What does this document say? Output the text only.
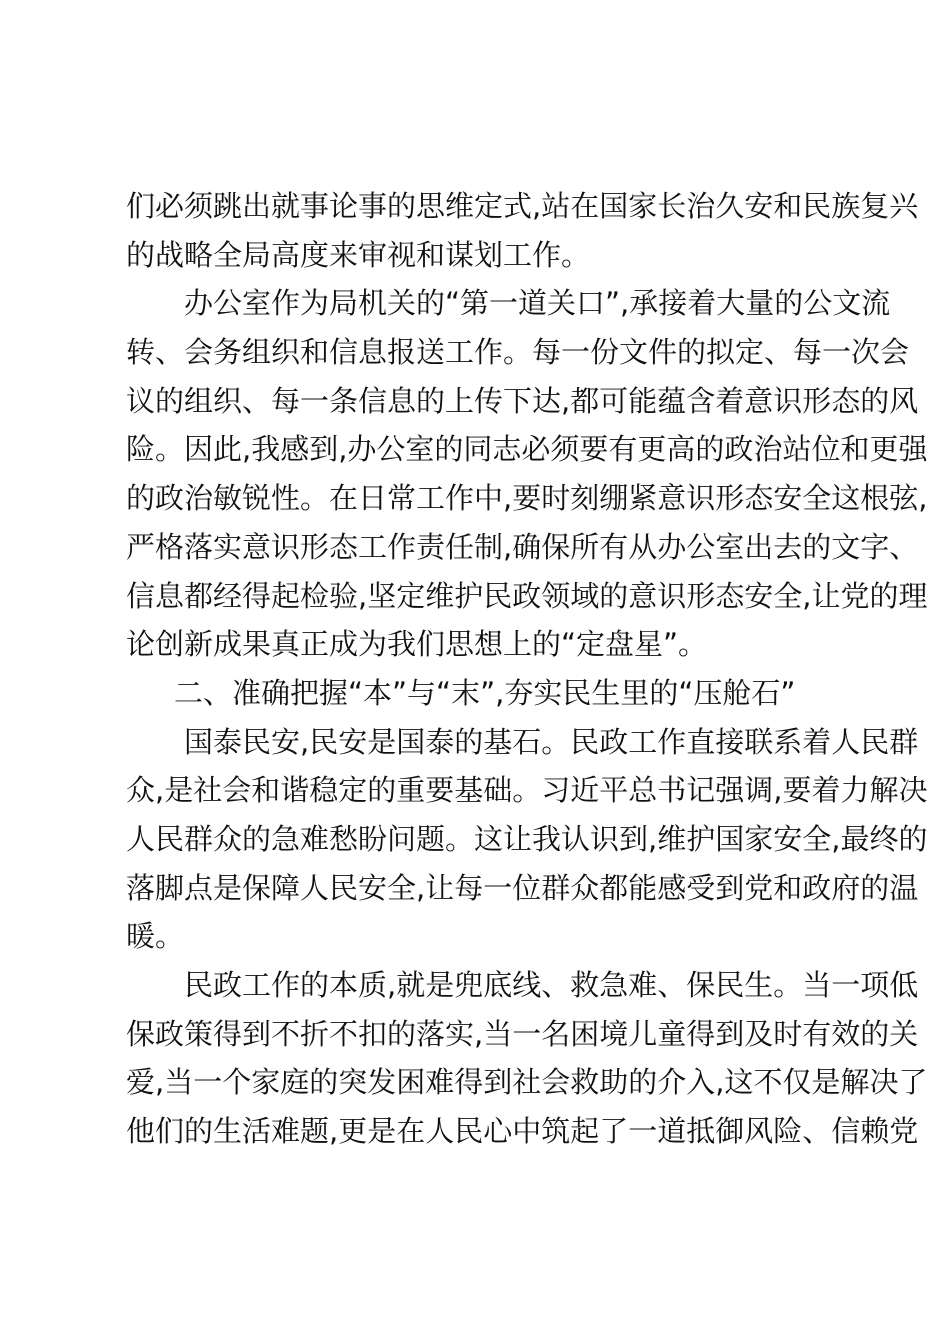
们必须跳出就事论事的思维定式,站在国家长治久安和民族复兴
的战略全局高度来审视和谋划工作。
办公室作为局机关的“第一道关口”,承接着大量的公文流
转、会务组织和信息报送工作。每一份文件的拟定、每一次会
议的组织、每一条信息的上传下达,都可能蕴含着意识形态的风
险。因此,我感到,办公室的同志必须要有更高的政治站位和更强
的政治敏锐性。在日常工作中,要时刻绷紧意识形态安全这根弦,
严格落实意识形态工作责任制,确保所有从办公室出去的文字、
信息都经得起检验,坚定维护民政领域的意识形态安全,让党的理
论创新成果真正成为我们思想上的“定盘星”。
二、准确把握“本”与“末”,夯实民生里的“压舱石”
国泰民安,民安是国泰的基石。民政工作直接联系着人民群
众,是社会和谐稳定的重要基础。习近平总书记强调,要着力解决
人民群众的急难愁盼问题。这让我认识到,维护国家安全,最终的
落脚点是保障人民安全,让每一位群众都能感受到党和政府的温
暖。
民政工作的本质,就是兜底线、救急难、保民生。当一项低
保政策得到不折不扣的落实,当一名困境儿童得到及时有效的关
爱,当一个家庭的突发困难得到社会救助的介入,这不仅是解决了
他们的生活难题,更是在人民心中筑起了一道抵御风险、信赖党
